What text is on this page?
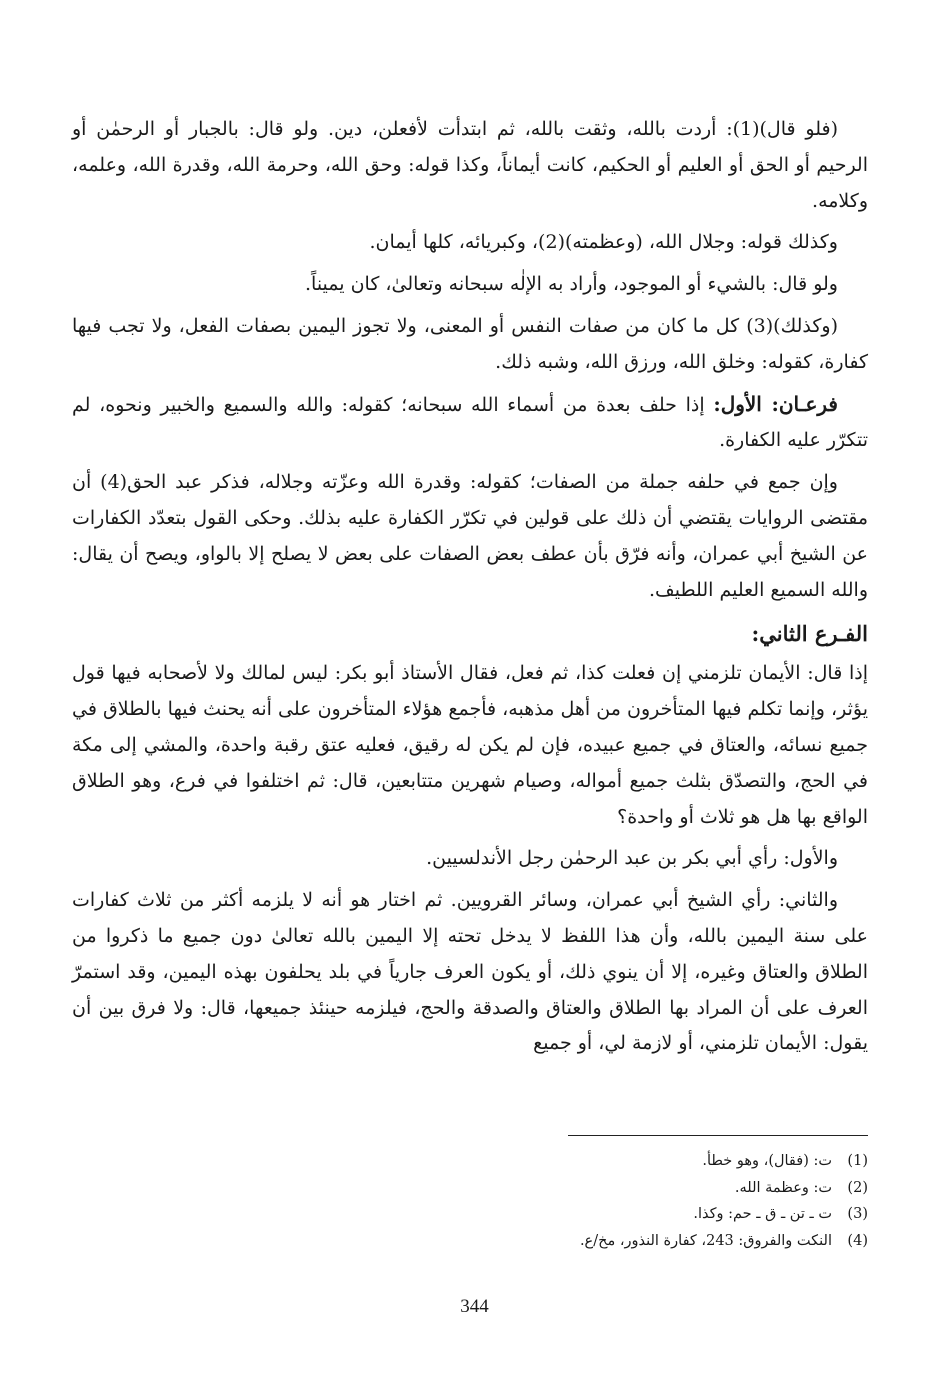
(فلو قال)(1): أردت بالله، وثقت بالله، ثم ابتدأت لأفعلن، دين. ولو قال: بالجبار أو الرحمٰن أو الرحيم أو الحق أو العليم أو الحكيم، كانت أيماناً، وكذا قوله: وحق الله، وحرمة الله، وقدرة الله، وعلمه، وكلامه.

وكذلك قوله: وجلال الله، (وعظمته)(2)، وكبريائه، كلها أيمان.

ولو قال: بالشيء أو الموجود، وأراد به الإلٰه سبحانه وتعالىٰ، كان يميناً.

(وكذلك)(3) كل ما كان من صفات النفس أو المعنى، ولا تجوز اليمين بصفات الفعل، ولا تجب فيها كفارة، كقوله: وخلق الله، ورزق الله، وشبه ذلك.

فرعـان: الأول: إذا حلف بعدة من أسماء الله سبحانه؛ كقوله: والله والسميع والخبير ونحوه، لم تتكرّر عليه الكفارة.

وإن جمع في حلفه جملة من الصفات؛ كقوله: وقدرة الله وعزّته وجلاله، فذكر عبد الحق(4) أن مقتضى الروايات يقتضي أن ذلك على قولين في تكرّر الكفارة عليه بذلك. وحكى القول بتعدّد الكفارات عن الشيخ أبي عمران، وأنه فرّق بأن عطف بعض الصفات على بعض لا يصلح إلا بالواو، ويصح أن يقال: والله السميع العليم اللطيف.

الفـرع الثاني:

إذا قال: الأيمان تلزمني إن فعلت كذا، ثم فعل، فقال الأستاذ أبو بكر: ليس لمالك ولا لأصحابه فيها قول يؤثر، وإنما تكلم فيها المتأخرون من أهل مذهبه، فأجمع هؤلاء المتأخرون على أنه يحنث فيها بالطلاق في جميع نسائه، والعتاق في جميع عبيده، فإن لم يكن له رقيق، فعليه عتق رقبة واحدة، والمشي إلى مكة في الحج، والتصدّق بثلث جميع أمواله، وصيام شهرين متتابعين، قال: ثم اختلفوا في فرع، وهو الطلاق الواقع بها هل هو ثلاث أو واحدة؟

والأول: رأي أبي بكر بن عبد الرحمٰن رجل الأندلسيين.

والثاني: رأي الشيخ أبي عمران، وسائر القرويين. ثم اختار هو أنه لا يلزمه أكثر من ثلاث كفارات على سنة اليمين بالله، وأن هذا اللفظ لا يدخل تحته إلا اليمين بالله تعالىٰ دون جميع ما ذكروا من الطلاق والعتاق وغيره، إلا أن ينوي ذلك، أو يكون العرف جارياً في بلد يحلفون بهذه اليمين، وقد استمرّ العرف على أن المراد بها الطلاق والعتاق والصدقة والحج، فيلزمه حينئذ جميعها، قال: ولا فرق بين أن يقول: الأيمان تلزمني، أو لازمة لي، أو جميع

(1)ت: (فقال)، وهو خطأ.

(2)ت: وعظمة الله.

(3)ت ـ تن ـ ق ـ حم: وكذا.

(4)النكت والفروق: 243، كفارة النذور، مخ/ع.

344
